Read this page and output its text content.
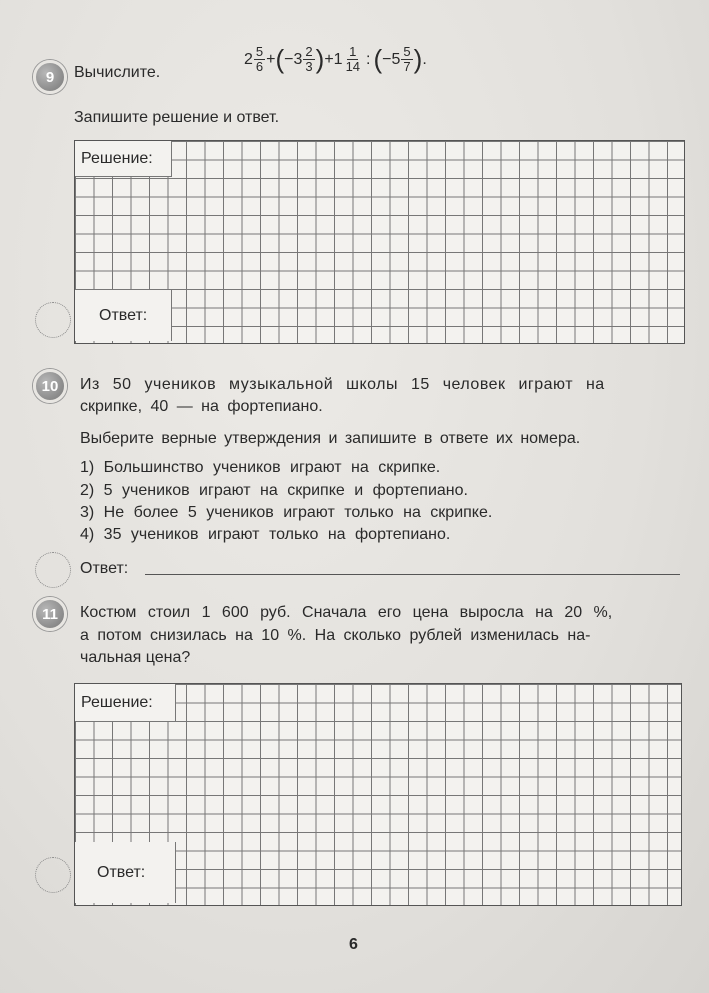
9	Вычислите.
$2 \frac{5}{6}$ + ( $-3 \frac{2}{3}$ ) $+1 \frac{1}{14}$ : ( $-5 \frac{5}{7}$ ) .
Запишите решение и ответ.
Решение:
Ответ:
10	Из 50 учеников музыкальной школы 15 человек играют на
скрипке, 40 — на фортепиано.
Выберите верные утверждения и запишите в ответе их номера.
1) Большинство учеников играют на скрипке.
2) 5 учеников играют на скрипке и фортепиано.
3) Не более 5 учеников играют только на скрипке.
4) 35 учеников играют только на фортепиано.
Ответ:
11	Костюм стоил 1 600 руб. Сначала его цена выросла на 20 %,
а потом снизилась на 10 %. На сколько рублей изменилась на-
чальная цена?
Решение:
Ответ:
6
